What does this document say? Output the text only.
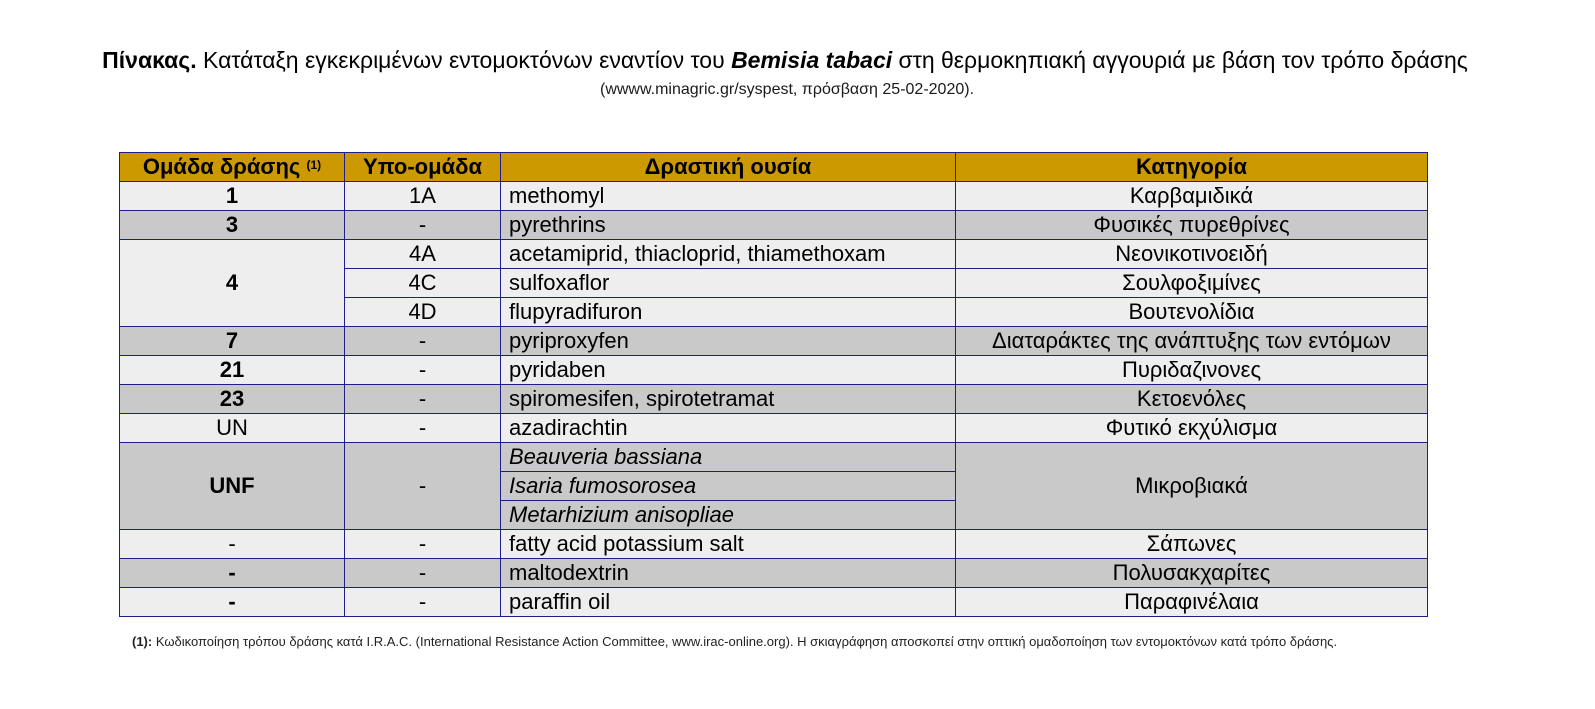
Πίνακας. Κατάταξη εγκεκριμένων εντομοκτόνων εναντίον του Bemisia tabaci στη θερμοκηπιακή αγγουριά με βάση τον τρόπο δράσης
(wwww.minagric.gr/syspest, πρόσβαση 25-02-2020).
Ομάδα δράσης $^{(1)}$	Υπο-ομάδα	Δραστική ουσία	Κατηγορία
1	1A	methomyl	Καρβαμιδικά
3	-	pyrethrins	Φυσικές πυρεθρίνες
4	4A	acetamiprid, thiacloprid, thiamethoxam	Νεονικοτινοειδή
	4C	sulfoxaflor	Σουλφοξιμίνες
	4D	flupyradifuron	Βουτενολίδια
7	-	pyriproxyfen	Διαταράκτες της ανάπτυξης των εντόμων
21	-	pyridaben	Πυριδαζινονες
23	-	spiromesifen, spirotetramat	Κετοενόλες
UN	-	azadirachtin	Φυτικό εκχύλισμα
UNF	-	Beauveria bassiana	Μικροβιακά
		Isaria fumosorosea	
		Metarhizium anisopliae	
-	-	fatty acid potassium salt	Σάπωνες
-	-	maltodextrin	Πολυσακχαρίτες
-	-	paraffin oil	Παραφινέλαια
(1): Κωδικοποίηση τρόπου δράσης κατά I.R.A.C. (International Resistance Action Committee, www.irac-online.org). Η σκιαγράφηση αποσκοπεί στην οπτική ομαδοποίηση των εντομοκτόνων κατά τρόπο δράσης.
